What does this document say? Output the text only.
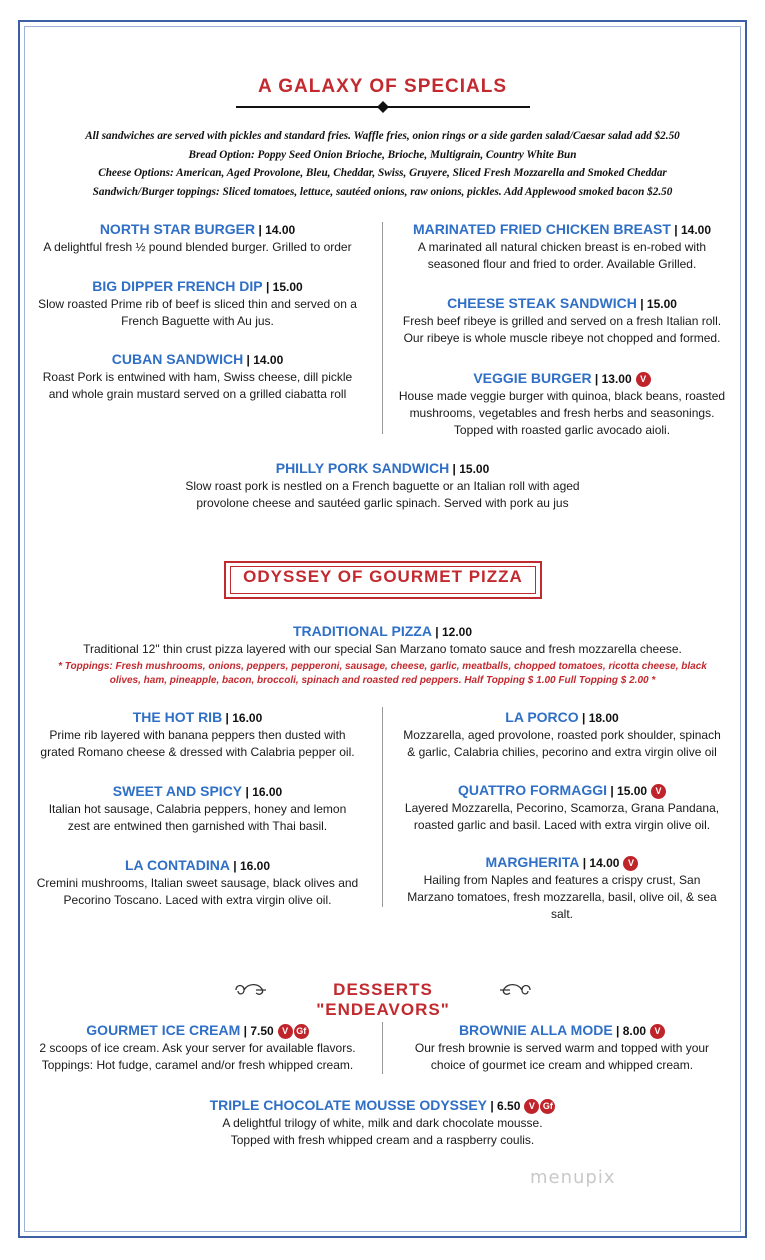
A GALAXY OF SPECIALS
All sandwiches are served with pickles and standard fries. Waffle fries, onion rings or a side garden salad/Caesar salad add $2.50
Bread Option: Poppy Seed Onion Brioche, Brioche, Multigrain, Country White Bun
Cheese Options: American, Aged Provolone, Bleu, Cheddar, Swiss, Gruyere, Sliced Fresh Mozzarella and Smoked Cheddar
Sandwich/Burger toppings: Sliced tomatoes, lettuce, sautéed onions, raw onions, pickles. Add Applewood smoked bacon $2.50
NORTH STAR BURGER | 14.00
A delightful fresh ½ pound blended burger. Grilled to order
BIG DIPPER FRENCH DIP | 15.00
Slow roasted Prime rib of beef is sliced thin and served on a
French Baguette with Au jus.
CUBAN SANDWICH | 14.00
Roast Pork is entwined with ham, Swiss cheese, dill pickle
and whole grain mustard served on a grilled ciabatta roll
MARINATED FRIED CHICKEN BREAST | 14.00
A marinated all natural chicken breast is en-robed with
seasoned flour and fried to order. Available Grilled.
CHEESE STEAK SANDWICH | 15.00
Fresh beef ribeye is grilled and served on a fresh Italian roll.
Our ribeye is whole muscle ribeye not chopped and formed.
VEGGIE BURGER | 13.00 V
House made veggie burger with quinoa, black beans, roasted
mushrooms, vegetables and fresh herbs and seasonings.
Topped with roasted garlic avocado aioli.
PHILLY PORK SANDWICH | 15.00
Slow roast pork is nestled on a French baguette or an Italian roll with aged
provolone cheese and sautéed garlic spinach. Served with pork au jus
ODYSSEY OF GOURMET PIZZA
TRADITIONAL PIZZA | 12.00
Traditional 12" thin crust pizza layered with our special San Marzano tomato sauce and fresh mozzarella cheese.
* Toppings: Fresh mushrooms, onions, peppers, pepperoni, sausage, cheese, garlic, meatballs, chopped tomatoes, ricotta cheese, black
olives, ham, pineapple, bacon, broccoli, spinach and roasted red peppers. Half Topping $ 1.00 Full Topping $ 2.00 *
THE HOT RIB | 16.00
Prime rib layered with banana peppers then dusted with
grated Romano cheese & dressed with Calabria pepper oil.
SWEET AND SPICY | 16.00
Italian hot sausage, Calabria peppers, honey and lemon
zest are entwined then garnished with Thai basil.
LA CONTADINA | 16.00
Cremini mushrooms, Italian sweet sausage, black olives and
Pecorino Toscano. Laced with extra virgin olive oil.
LA PORCO | 18.00
Mozzarella, aged provolone, roasted pork shoulder, spinach
& garlic, Calabria chilies, pecorino and extra virgin olive oil
QUATTRO FORMAGGI | 15.00 V
Layered Mozzarella, Pecorino, Scamorza, Grana Pandana,
roasted garlic and basil. Laced with extra virgin olive oil.
MARGHERITA | 14.00 V
Hailing from Naples and features a crispy crust, San
Marzano tomatoes, fresh mozzarella, basil, olive oil, & sea
salt.
DESSERTS "ENDEAVORS"
GOURMET ICE CREAM | 7.50 V Gf
2 scoops of ice cream. Ask your server for available flavors.
Toppings: Hot fudge, caramel and/or fresh whipped cream.
BROWNIE ALLA MODE | 8.00 V
Our fresh brownie is served warm and topped with your
choice of gourmet ice cream and whipped cream.
TRIPLE CHOCOLATE MOUSSE ODYSSEY | 6.50 V Gf
A delightful trilogy of white, milk and dark chocolate mousse.
Topped with fresh whipped cream and a raspberry coulis.
menupix
